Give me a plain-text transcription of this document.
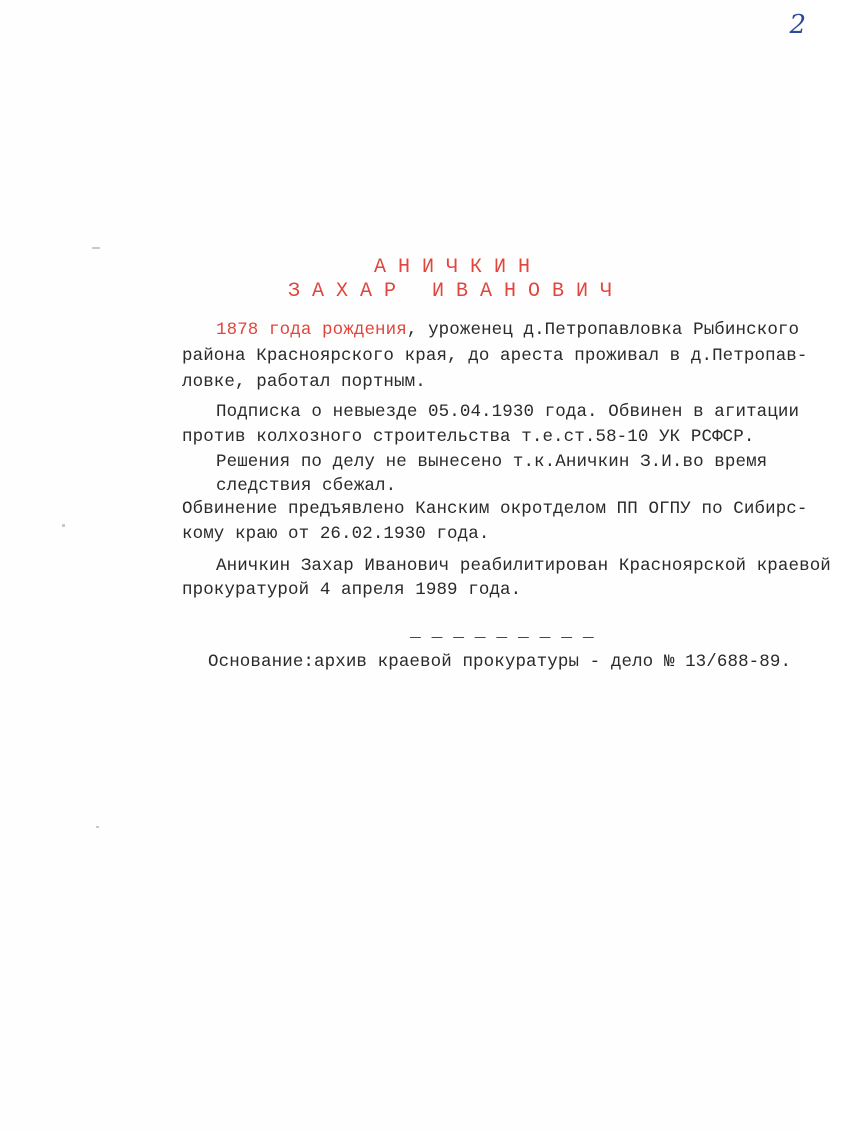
2
А Н И Ч К И Н
З А Х А Р   И В А Н О В И Ч
1878 года рождения, уроженец д.Петропавловка Рыбинского
района Красноярского края, до ареста проживал в д.Петропав-
ловке, работал портным.
Подписка о невыезде 05.04.1930 года. Обвинен в агитации
против колхозного строительства т.е.ст.58-10 УК РСФСР.
Решения по делу не вынесено т.к.Аничкин З.И.во время
следствия сбежал.
Обвинение предъявлено Канским окротделом ПП ОГПУ по Сибирс-
кому краю от 26.02.1930 года.
Аничкин Захар Иванович реабилитирован Красноярской краевой
прокуратурой 4 апреля 1989 года.
_ _ _ _ _ _ _ _ _
Основание:архив краевой прокуратуры - дело № 13/688-89.
